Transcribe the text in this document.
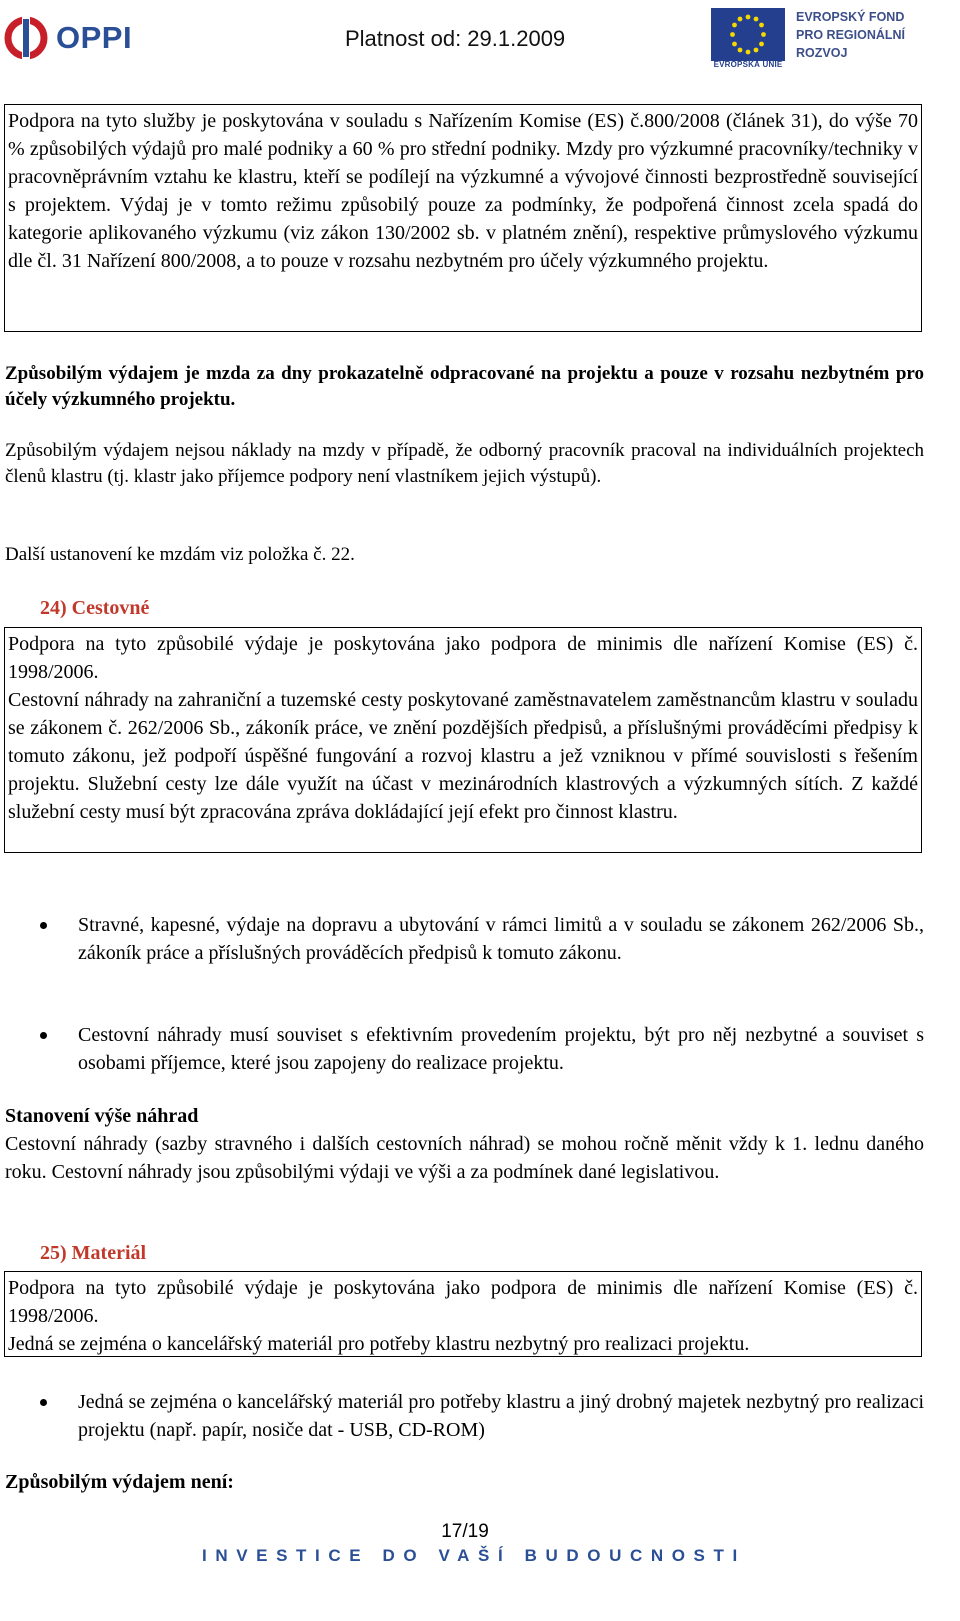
OPPI	Platnost od: 29.1.2009
EVROPSKÁ UNIE
EVROPSKÝ FOND
PRO REGIONÁLNÍ
ROZVOJ

Podpora na tyto služby je poskytována v souladu s Nařízením Komise (ES) č.800/2008 (článek 31), do výše 70 % způsobilých výdajů pro malé podniky a 60 % pro střední podniky. Mzdy pro výzkumné pracovníky/techniky v pracovněprávním vztahu ke klastru, kteří se podílejí na výzkumné a vývojové činnosti bezprostředně související s projektem. Výdaj je v tomto režimu způsobilý pouze za podmínky, že podpořená činnost zcela spadá do kategorie aplikovaného výzkumu (viz zákon 130/2002 sb. v platném znění), respektive průmyslového výzkumu dle čl. 31 Nařízení 800/2008, a to pouze v rozsahu nezbytném pro účely výzkumného projektu.

Způsobilým výdajem je mzda za dny prokazatelně odpracované na projektu a pouze v rozsahu nezbytném pro účely výzkumného projektu.

Způsobilým výdajem nejsou náklady na mzdy v případě, že odborný pracovník pracoval na individuálních projektech členů klastru (tj. klastr jako příjemce podpory není vlastníkem jejich výstupů).

Další ustanovení ke mzdám viz položka č. 22.

24) Cestovné

Podpora na tyto způsobilé výdaje je poskytována jako podpora de minimis dle nařízení Komise (ES) č. 1998/2006.

Cestovní náhrady na zahraniční a tuzemské cesty poskytované zaměstnavatelem zaměstnancům klastru v souladu se zákonem č. 262/2006 Sb., zákoník práce, ve znění pozdějších předpisů, a příslušnými prováděcími předpisy k tomuto zákonu, jež podpoří úspěšné fungování a rozvoj klastru a jež vzniknou v přímé souvislosti s řešením projektu. Služební cesty lze dále využít na účast v mezinárodních klastrových a výzkumných sítích. Z každé služební cesty musí být zpracována zpráva dokládající její efekt pro činnost klastru.

Stravné, kapesné, výdaje na dopravu a ubytování v rámci limitů a v souladu se zákonem 262/2006 Sb., zákoník práce a příslušných prováděcích předpisů k tomuto zákonu.
Cestovní náhrady musí souviset s efektivním provedením projektu, být pro něj nezbytné a souviset s osobami příjemce, které jsou zapojeny do realizace projektu.
Stanovení výše náhrad

Cestovní náhrady (sazby stravného i dalších cestovních náhrad) se mohou ročně měnit vždy k 1. lednu daného roku. Cestovní náhrady jsou způsobilými výdaji ve výši a za podmínek dané legislativou.

25) Materiál

Podpora na tyto způsobilé výdaje je poskytována jako podpora de minimis dle nařízení Komise (ES) č. 1998/2006.

Jedná se zejména o kancelářský materiál pro potřeby klastru nezbytný pro realizaci projektu.

Jedná se zejména o kancelářský materiál pro potřeby klastru a jiný drobný majetek nezbytný pro realizaci projektu (např. papír, nosiče dat - USB, CD-ROM)
Způsobilým výdajem není:
17/19
INVESTICE DO VAŠÍ BUDOUCNOSTI
